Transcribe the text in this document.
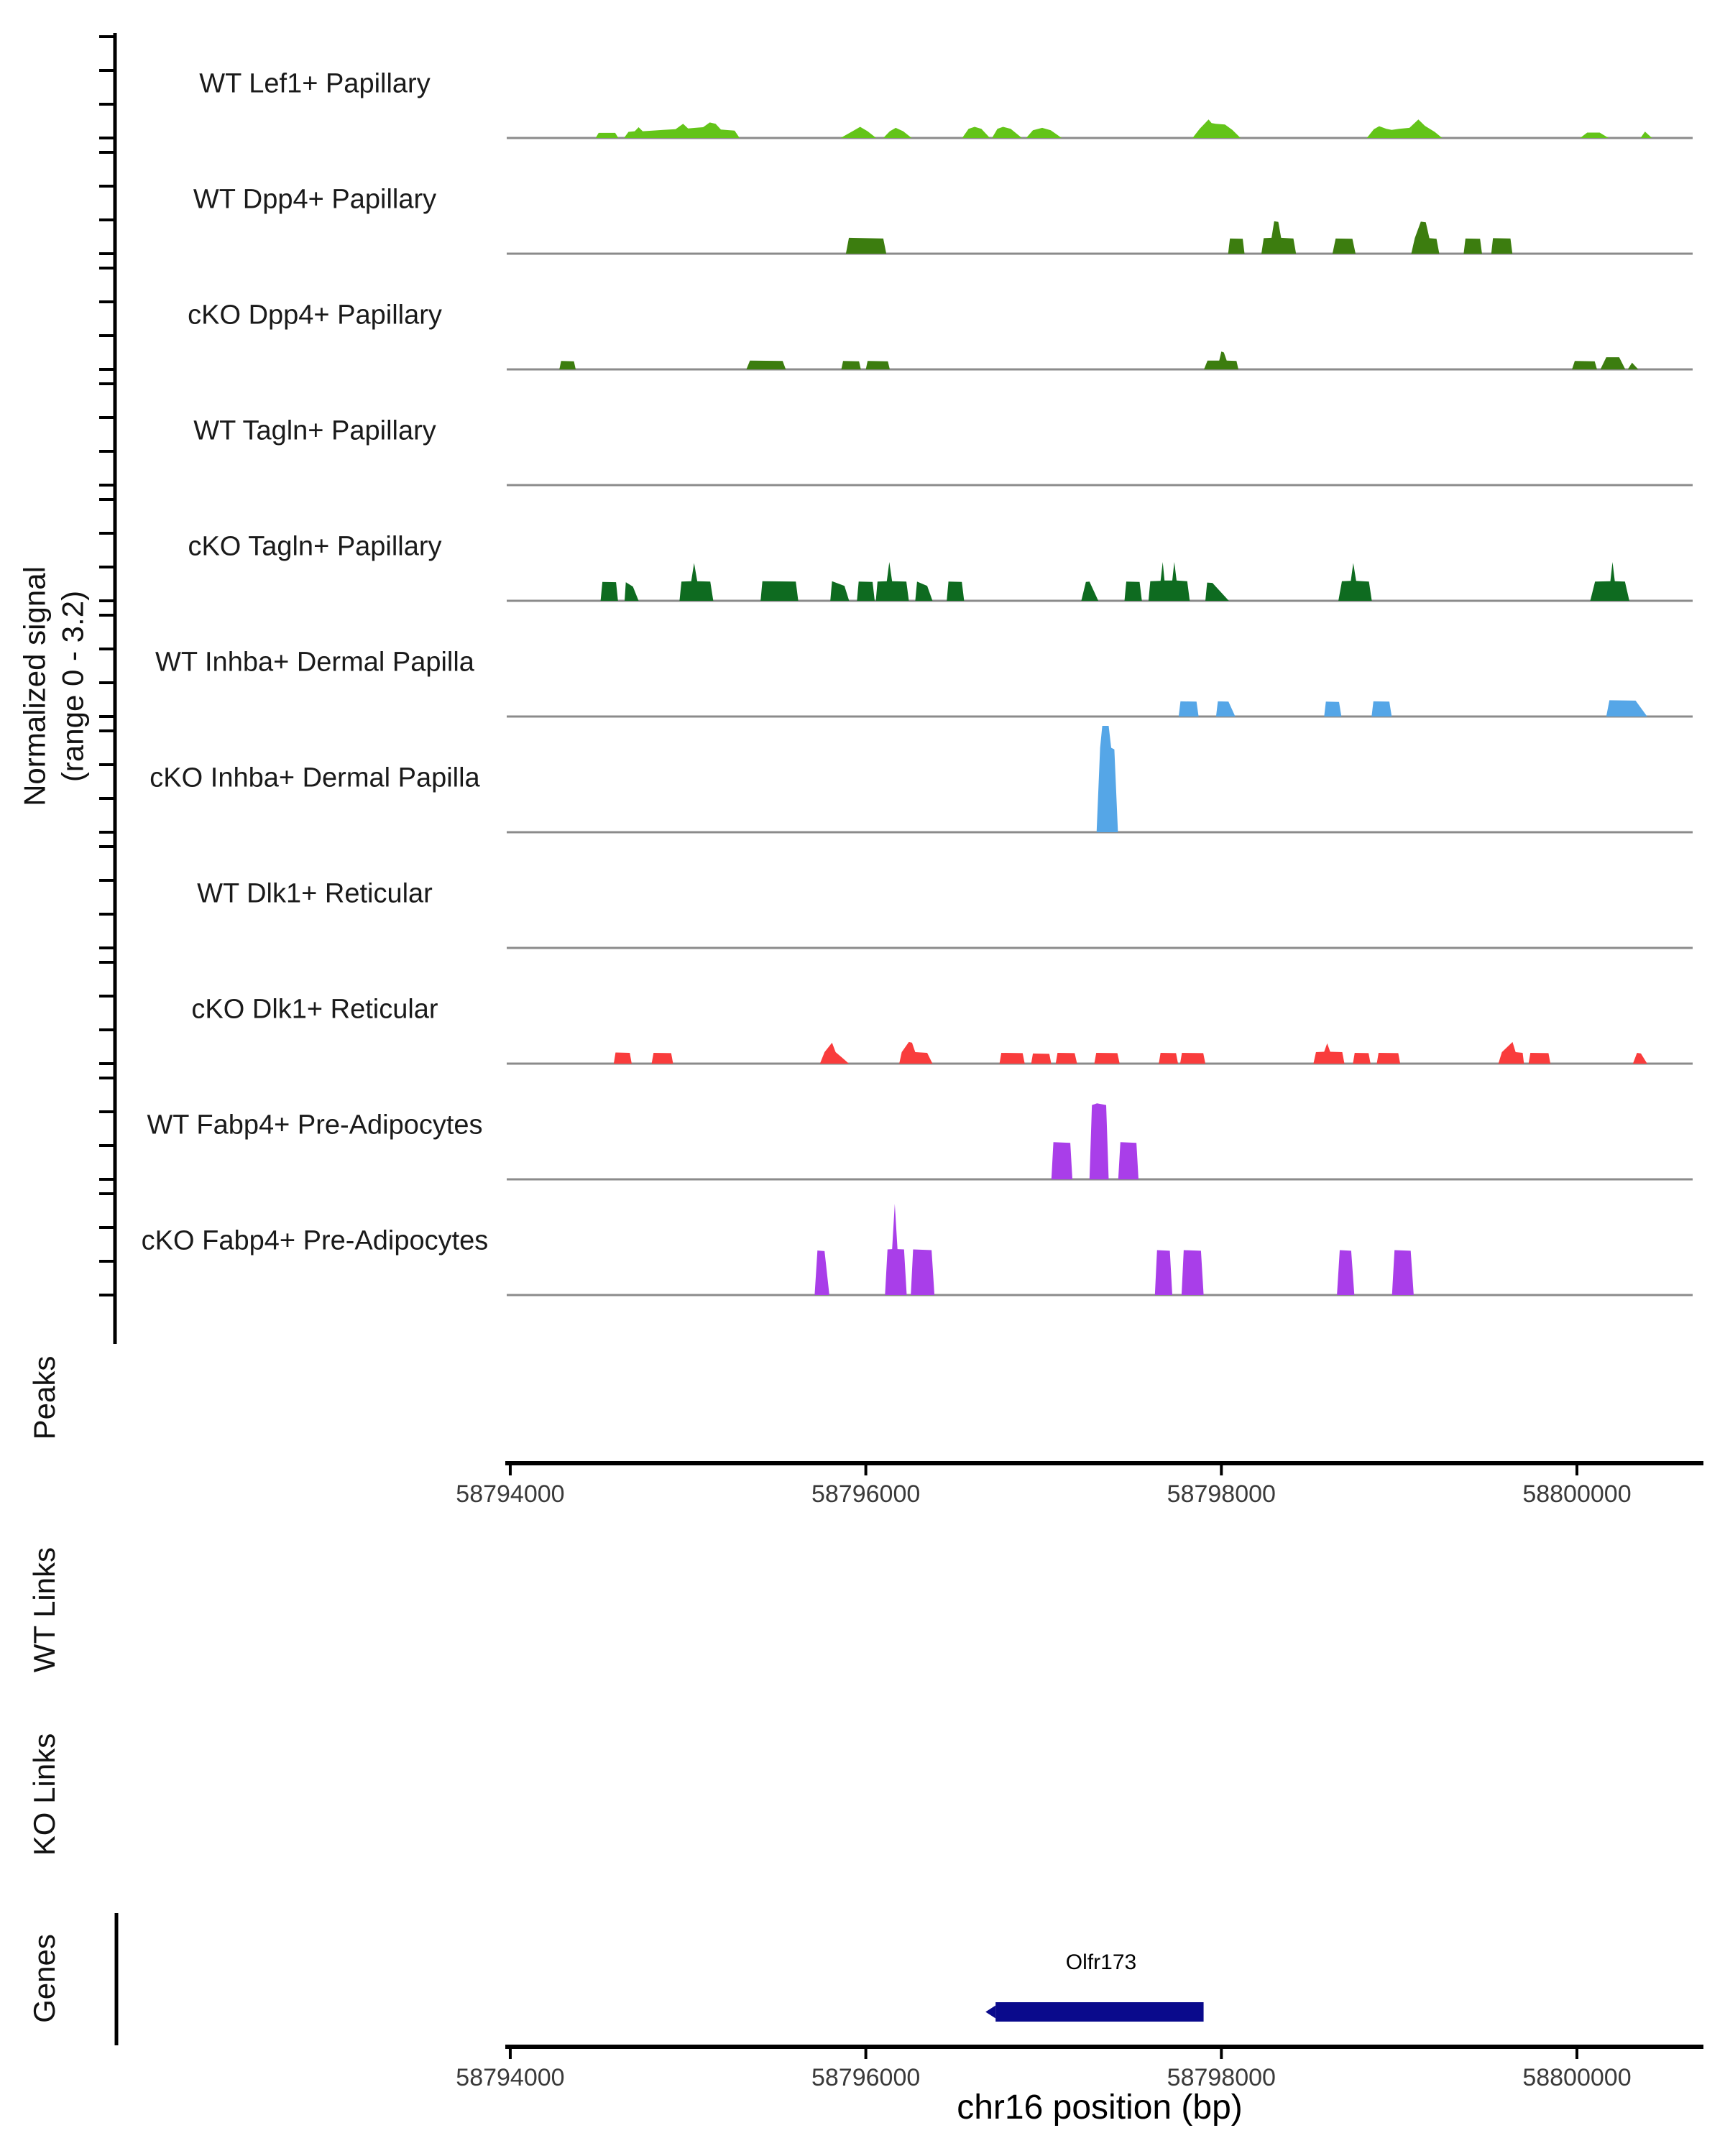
Normalized signal (range 0 - 3.2)
Peaks
WT Links
KO Links
Genes	Olfr173
chr16 position (bp)
WT Lef1+ Papillary
WT Dpp4+ Papillary
cKO Dpp4+ Papillary
WT Tagln+ Papillary
cKO Tagln+ Papillary
WT Inhba+ Dermal Papilla
cKO Inhba+ Dermal Papilla
WT Dlk1+ Reticular
cKO Dlk1+ Reticular
WT Fabp4+ Pre-Adipocytes
cKO Fabp4+ Pre-Adipocytes
58794000	58796000	58798000	58800000
58794000	58796000	58798000	58800000
